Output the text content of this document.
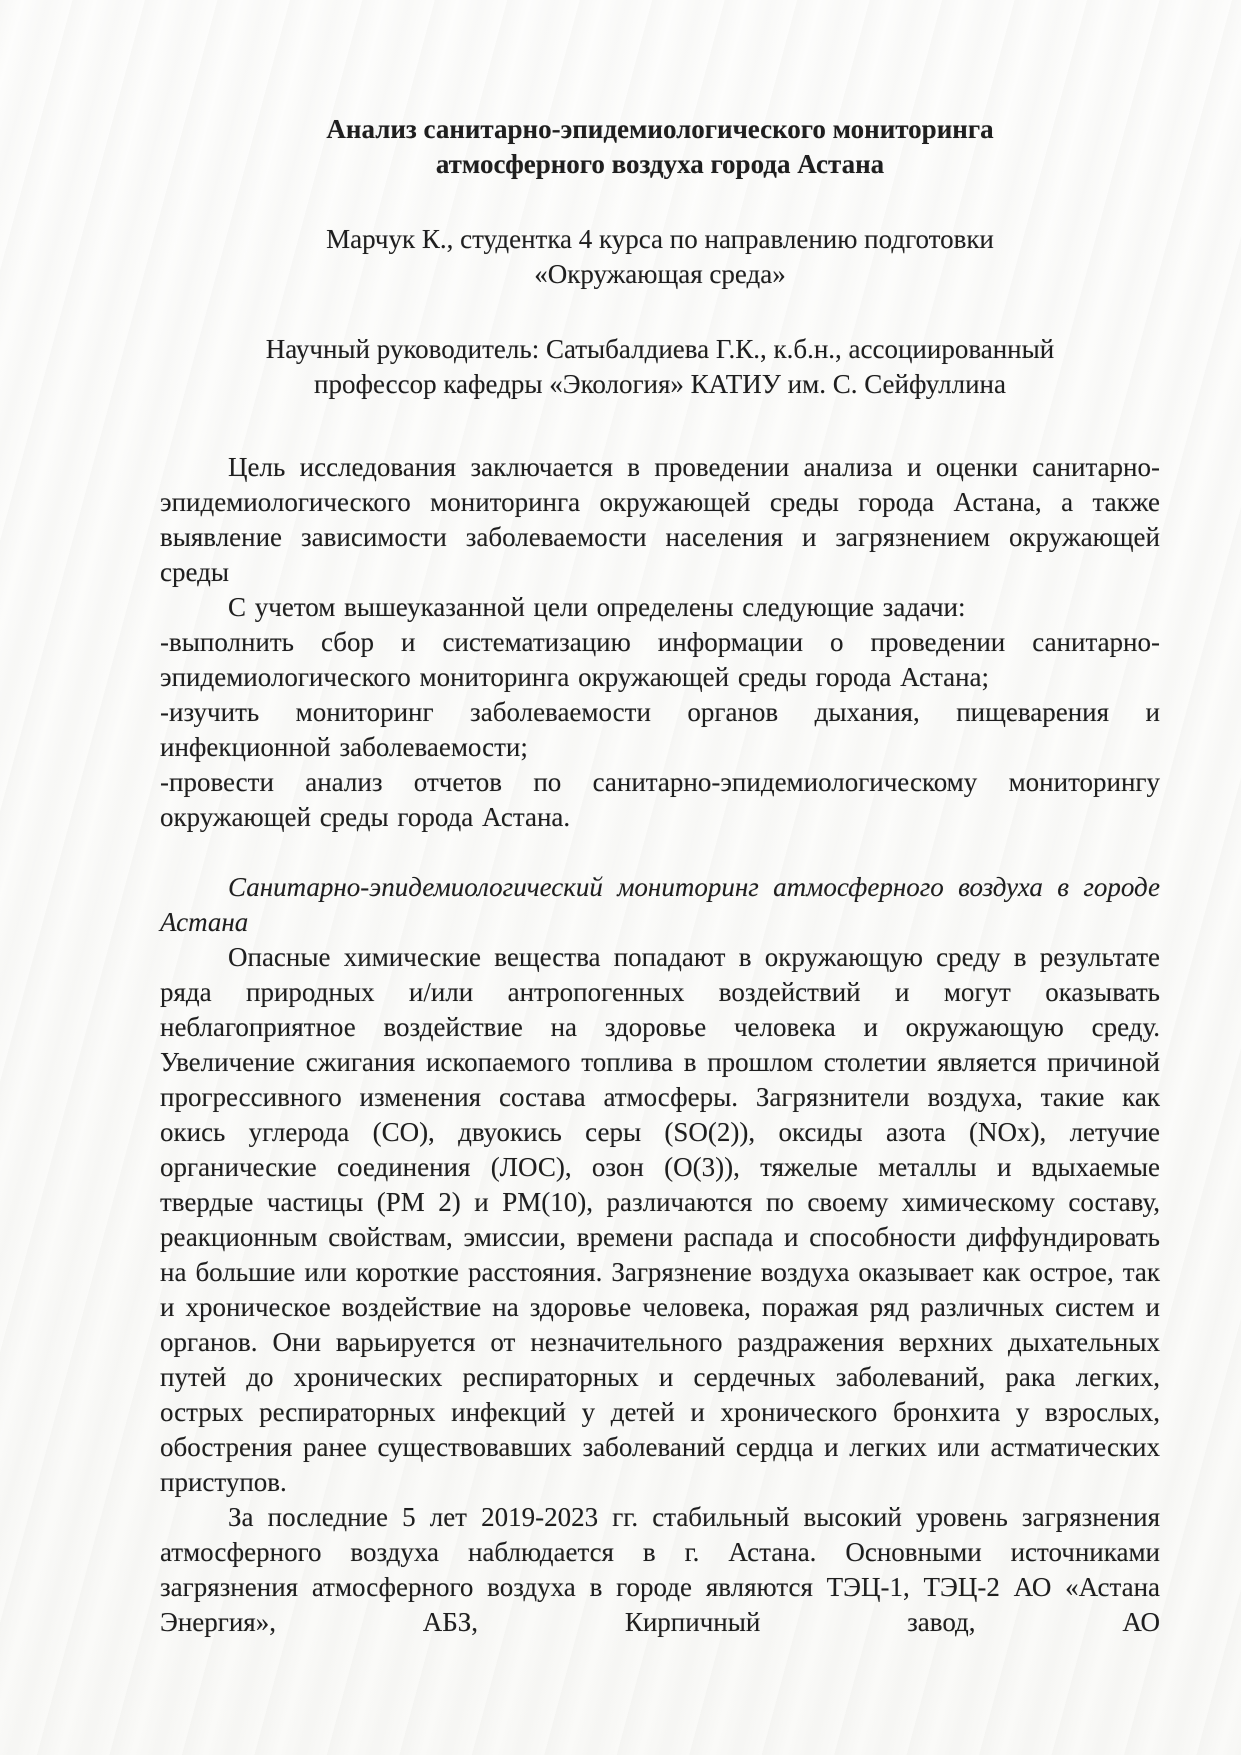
Анализ санитарно-эпидемиологического мониторинга
атмосферного воздуха города Астана
Марчук К., студентка 4 курса по направлению подготовки
«Окружающая среда»
Научный руководитель: Сатыбалдиева Г.К., к.б.н., ассоциированный
профессор кафедры «Экология» КАТИУ им. С. Сейфуллина

Цель исследования заключается в проведении анализа и оценки санитарно-эпидемиологического мониторинга окружающей среды города Астана, а также выявление зависимости заболеваемости населения и загрязнением окружающей среды

С учетом вышеуказанной цели определены следующие задачи:

-выполнить сбор и систематизацию информации о проведении санитарно-эпидемиологического мониторинга окружающей среды города Астана;

-изучить мониторинг заболеваемости органов дыхания, пищеварения и инфекционной заболеваемости;

-провести анализ отчетов по санитарно-эпидемиологическому мониторингу окружающей среды города Астана.

Санитарно-эпидемиологический мониторинг атмосферного воздуха в городе Астана

Опасные химические вещества попадают в окружающую среду в результате ряда природных и/или антропогенных воздействий и могут оказывать неблагоприятное воздействие на здоровье человека и окружающую среду. Увеличение сжигания ископаемого топлива в прошлом столетии является причиной прогрессивного изменения состава атмосферы. Загрязнители воздуха, такие как окись углерода (СО), двуокись серы (SO(2)), оксиды азота (NOx), летучие органические соединения (ЛОС), озон (O(3)), тяжелые металлы и вдыхаемые твердые частицы (РМ 2) и РМ(10), различаются по своему химическому составу, реакционным свойствам, эмиссии, времени распада и способности диффундировать на большие или короткие расстояния. Загрязнение воздуха оказывает как острое, так и хроническое воздействие на здоровье человека, поражая ряд различных систем и органов. Они варьируется от незначительного раздражения верхних дыхательных путей до хронических респираторных и сердечных заболеваний, рака легких, острых респираторных инфекций у детей и хронического бронхита у взрослых, обострения ранее существовавших заболеваний сердца и легких или астматических приступов.

За последние 5 лет 2019-2023 гг. стабильный высокий уровень загрязнения атмосферного воздуха наблюдается в г. Астана. Основными источниками загрязнения атмосферного воздуха в городе являются ТЭЦ-1, ТЭЦ-2 АО «Астана Энергия», АБЗ, Кирпичный завод, АО
